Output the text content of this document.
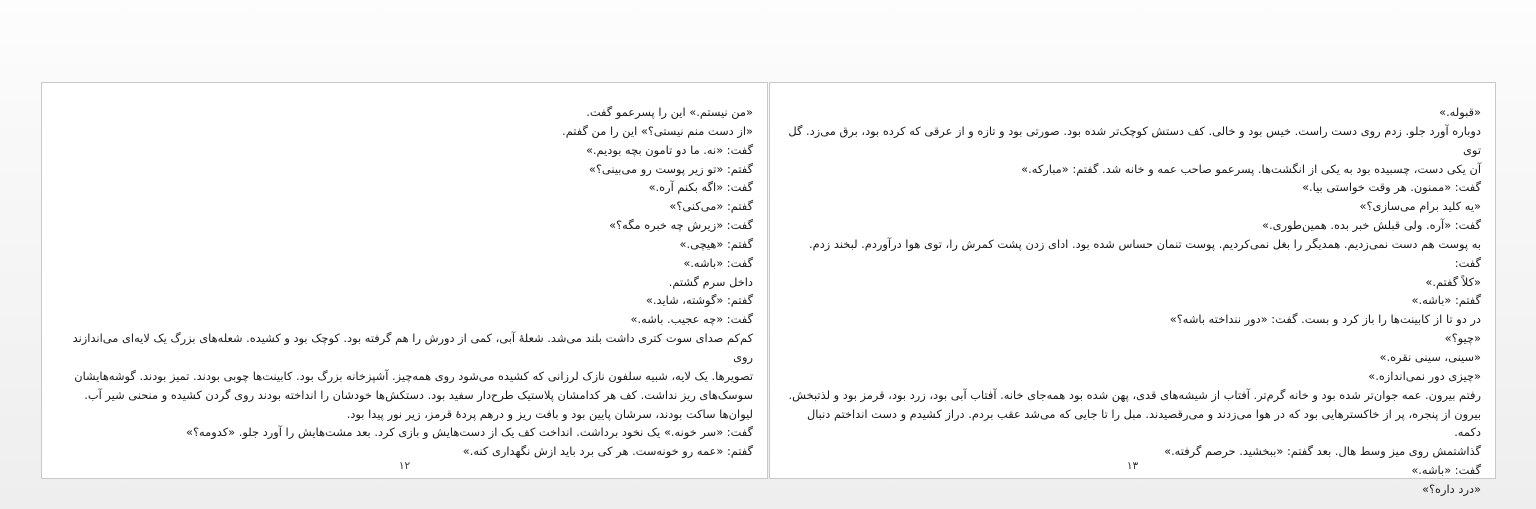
«من نیستم.» این را پسرعمو گفت.

«از دست منم نیستی؟» این را من گفتم.

گفت: «نه. ما دو تامون بچه بودیم.»

گفتم: «تو زیر پوست رو می‌بینی؟»

گفت: «اگه بکنم آره.»

گفتم: «می‌کنی؟»

گفت: «زیرش چه خبره مگه؟»

گفتم: «هیچی.»

گفت: «باشه.»

داخل سرم گشتم.

گفتم: «گوشته، شاید.»

گفت: «چه عجیب. باشه.»

کم‌کم صدای سوت کتری داشت بلند می‌شد. شعلهٔ آبی، کمی از دورش را هم گرفته بود. کوچک بود و کشیده. شعله‌های بزرگ یک لایه‌ای می‌اندازند روی

تصویرها. یک لایه، شبیه سلفون نازک لرزانی که کشیده می‌شود روی همه‌چیز. آشپزخانه بزرگ بود. کابینت‌ها چوبی بودند. تمیز بودند. گوشه‌هایشان

سوسک‌های ریز نداشت. کف هر کدامشان پلاستیک طرح‌دار سفید بود. دستکش‌ها خودشان را انداخته بودند روی گردن کشیده و منحنی شیر آب.

لیوان‌ها ساکت بودند، سرشان پایین بود و بافت ریز و درهم پردهٔ قرمز، زیر نور پیدا بود.

گفت: «سر خونه.» یک نخود برداشت. انداخت کف یک از دست‌هایش و بازی کرد. بعد مشت‌هایش را آورد جلو. «کدومه؟»

گفتم: «عمه رو خونه‌ست. هر کی برد باید ازش نگهداری کنه.»

۱۲

«قبوله.»

دوباره آورد جلو. زدم روی دست راست. خیس بود و خالی. کف دستش کوچک‌تر شده بود. صورتی بود و تازه و از عرقی که کرده بود، برق می‌زد. گل توی

آن یکی دست، چسبیده بود به یکی از انگشت‌ها. پسرعمو صاحب عمه و خانه شد. گفتم: «مبارکه.»

گفت: «ممنون. هر وقت خواستی بیا.»

«یه کلید برام می‌سازی؟»

گفت: «آره. ولی قبلش خبر بده. همین‌طوری.»

به پوست هم دست نمی‌زدیم. همدیگر را بغل نمی‌کردیم. پوست تنمان حساس شده بود. ادای زدن پشت کمرش را، توی هوا درآوردم. لبخند زدم. گفت:

«کلاً گفتم.»

گفتم: «باشه.»

در دو تا از کابینت‌ها را باز کرد و بست. گفت: «دور ننداخته باشه؟»

«چیو؟»

«سینی، سینی نقره.»

«چیزی دور نمی‌اندازه.»

رفتم بیرون. عمه جوان‌تر شده بود و خانه گرم‌تر. آفتاب از شیشه‌های قدی، پهن شده بود همه‌جای خانه. آفتاب آبی بود، زرد بود، قرمز بود و لذتبخش.

بیرون از پنجره، پر از خاکسترهایی بود که در هوا می‌زدند و می‌رقصیدند. مبل را تا جایی که می‌شد عقب بردم. دراز کشیدم و دست انداختم دنبال دکمه.

گذاشتمش روی میز وسط هال. بعد گفتم: «ببخشید. حرصم گرفته.»

گفت: «باشه.»

«درد داره؟»

۱۳
